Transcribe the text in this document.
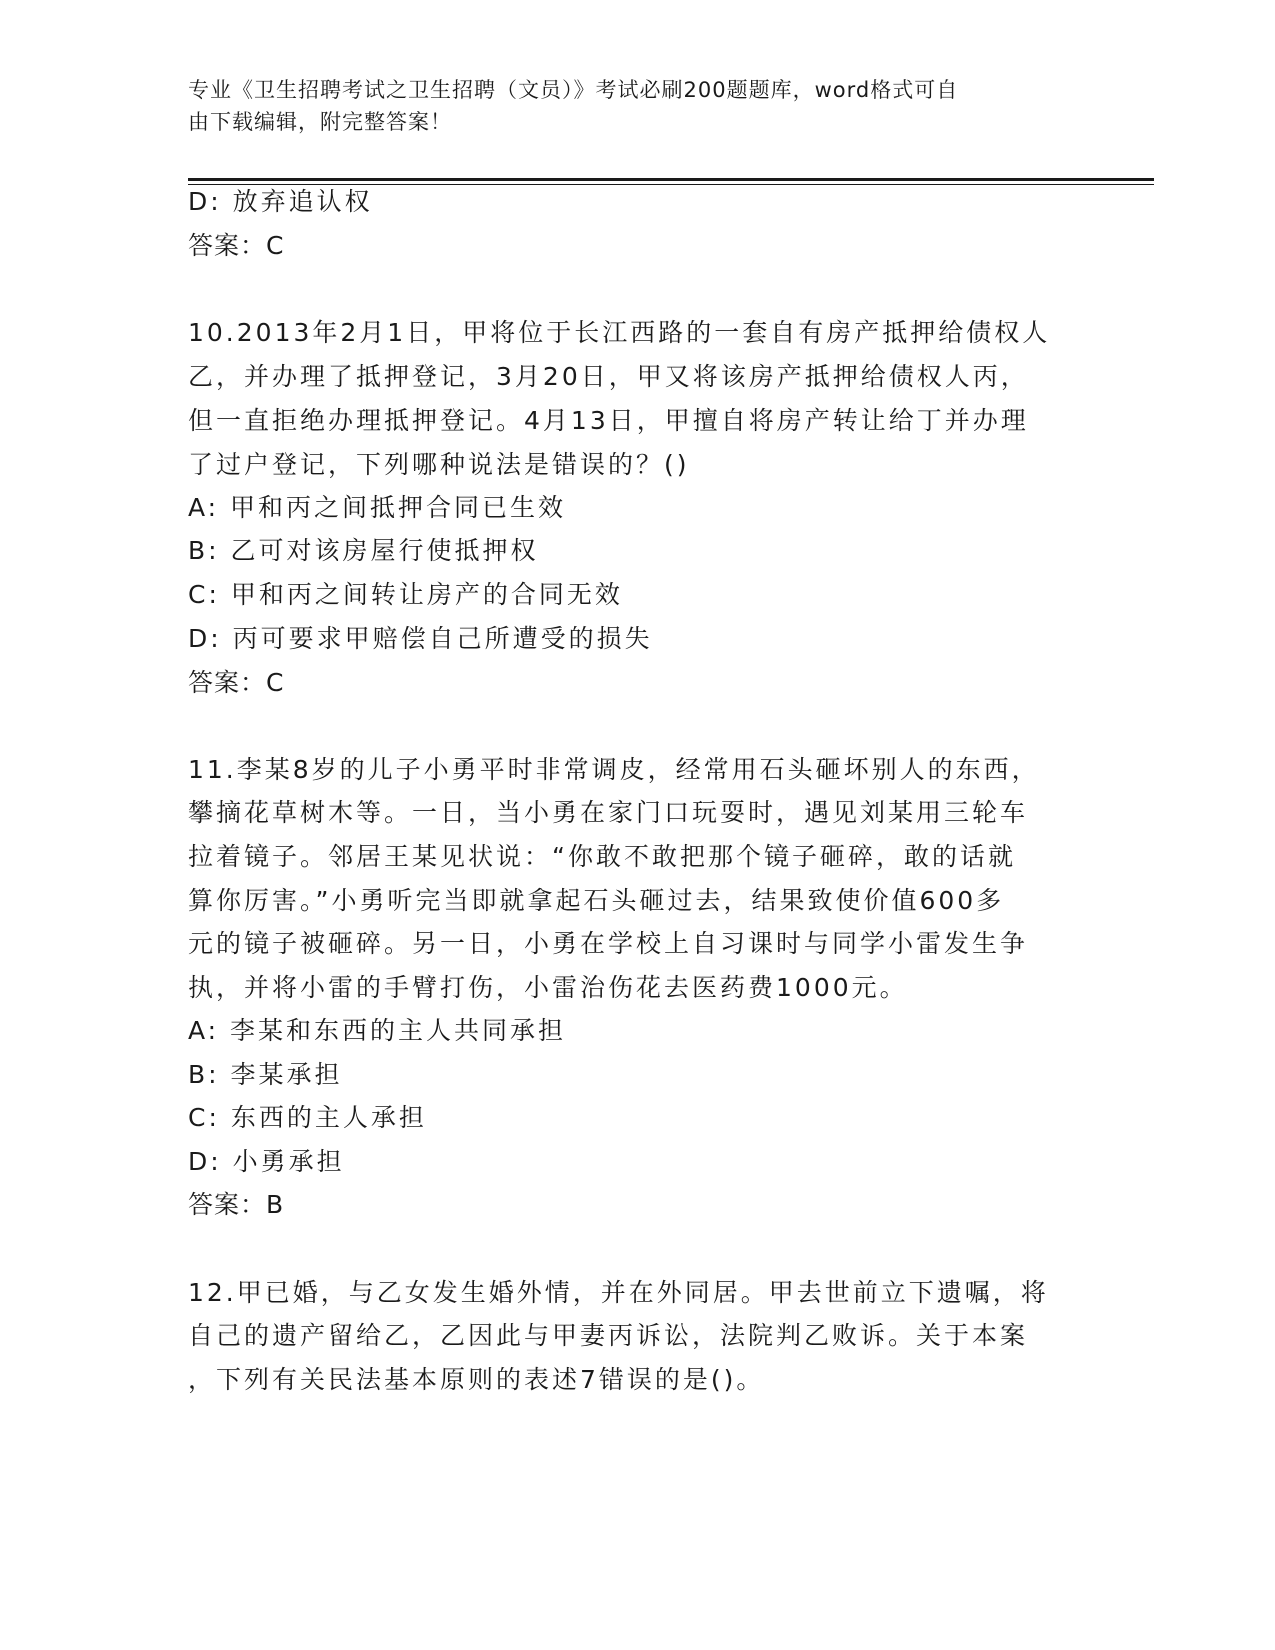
专业《卫生招聘考试之卫生招聘（文员）》考试必刷200题题库，word格式可自
由下载编辑，附完整答案！
D: 放弃追认权
答案：C
10.2013年2月1日，甲将位于长江西路的一套自有房产抵押给债权人
乙，并办理了抵押登记，3月20日，甲又将该房产抵押给债权人丙，
但一直拒绝办理抵押登记。4月13日，甲擅自将房产转让给丁并办理
了过户登记，下列哪种说法是错误的？()
A: 甲和丙之间抵押合同已生效
B: 乙可对该房屋行使抵押权
C: 甲和丙之间转让房产的合同无效
D: 丙可要求甲赔偿自己所遭受的损失
答案：C
11.李某8岁的儿子小勇平时非常调皮，经常用石头砸坏别人的东西，
攀摘花草树木等。一日，当小勇在家门口玩耍时，遇见刘某用三轮车
拉着镜子。邻居王某见状说：“你敢不敢把那个镜子砸碎，敢的话就
算你厉害。”小勇听完当即就拿起石头砸过去，结果致使价值600多
元的镜子被砸碎。另一日，小勇在学校上自习课时与同学小雷发生争
执，并将小雷的手臂打伤，小雷治伤花去医药费1000元。
A: 李某和东西的主人共同承担
B: 李某承担
C: 东西的主人承担
D: 小勇承担
答案：B
12.甲已婚，与乙女发生婚外情，并在外同居。甲去世前立下遗嘱，将
自己的遗产留给乙，乙因此与甲妻丙诉讼，法院判乙败诉。关于本案
，下列有关民法基本原则的表述7错误的是()。
